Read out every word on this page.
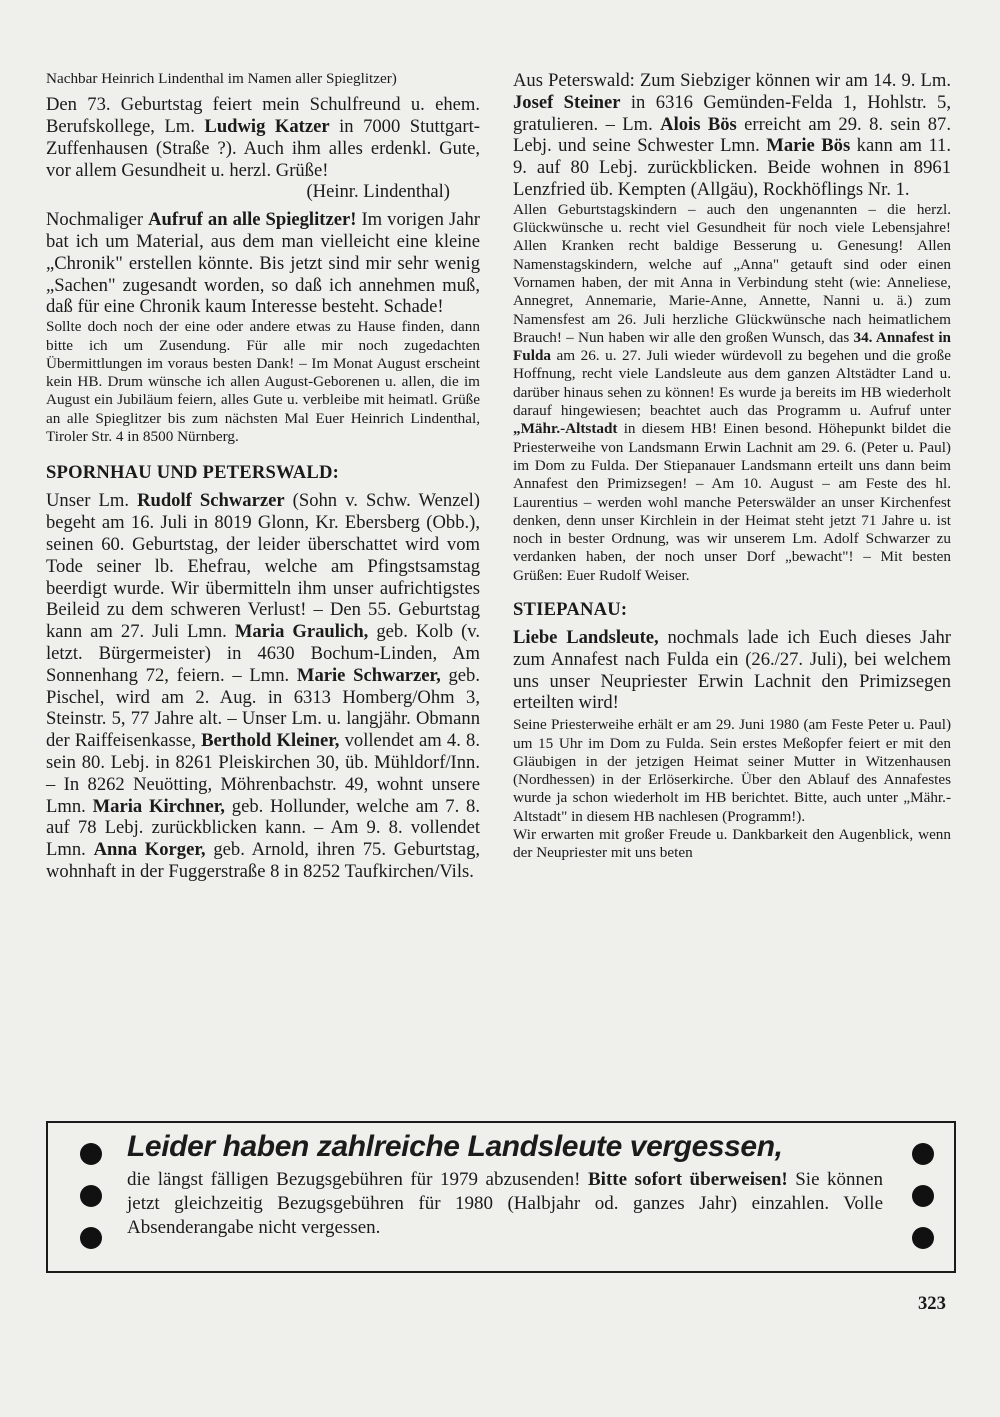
Nachbar Heinrich Lindenthal im Namen aller Spieglitzer)

Den 73. Geburtstag feiert mein Schulfreund u. ehem. Berufskollege, Lm. Ludwig Katzer in 7000 Stuttgart-Zuffenhausen (Straße ?). Auch ihm alles erdenkl. Gute, vor allem Gesundheit u. herzl. Grüße!

(Heinr. Lindenthal)

Nochmaliger Aufruf an alle Spieglitzer! Im vorigen Jahr bat ich um Material, aus dem man vielleicht eine kleine „Chronik" erstellen könnte. Bis jetzt sind mir sehr wenig „Sachen" zugesandt worden, so daß ich annehmen muß, daß für eine Chronik kaum Interesse besteht. Schade!

Sollte doch noch der eine oder andere etwas zu Hause finden, dann bitte ich um Zusendung. Für alle mir noch zugedachten Übermittlungen im voraus besten Dank! – Im Monat August erscheint kein HB. Drum wünsche ich allen August-Geborenen u. allen, die im August ein Jubiläum feiern, alles Gute u. verbleibe mit heimatl. Grüße an alle Spieglitzer bis zum nächsten Mal Euer Heinrich Lindenthal, Tiroler Str. 4 in 8500 Nürnberg.

SPORNHAU UND PETERSWALD:

Unser Lm. Rudolf Schwarzer (Sohn v. Schw. Wenzel) begeht am 16. Juli in 8019 Glonn, Kr. Ebersberg (Obb.), seinen 60. Geburtstag, der leider überschattet wird vom Tode seiner lb. Ehefrau, welche am Pfingstsamstag beerdigt wurde. Wir übermitteln ihm unser aufrichtigstes Beileid zu dem schweren Verlust! – Den 55. Geburtstag kann am 27. Juli Lmn. Maria Graulich, geb. Kolb (v. letzt. Bürgermeister) in 4630 Bochum-Linden, Am Sonnenhang 72, feiern. – Lmn. Marie Schwarzer, geb. Pischel, wird am 2. Aug. in 6313 Homberg/Ohm 3, Steinstr. 5, 77 Jahre alt. – Unser Lm. u. langjähr. Obmann der Raiffeisenkasse, Berthold Kleiner, vollendet am 4. 8. sein 80. Lebj. in 8261 Pleiskirchen 30, üb. Mühldorf/Inn. – In 8262 Neuötting, Möhrenbachstr. 49, wohnt unsere Lmn. Maria Kirchner, geb. Hollunder, welche am 7. 8. auf 78 Lebj. zurückblicken kann. – Am 9. 8. vollendet Lmn. Anna Korger, geb. Arnold, ihren 75. Geburtstag, wohnhaft in der Fuggerstraße 8 in 8252 Taufkirchen/Vils.

Aus Peterswald: Zum Siebziger können wir am 14. 9. Lm. Josef Steiner in 6316 Gemünden-Felda 1, Hohlstr. 5, gratulieren. – Lm. Alois Bös erreicht am 29. 8. sein 87. Lebj. und seine Schwester Lmn. Marie Bös kann am 11. 9. auf 80 Lebj. zurückblicken. Beide wohnen in 8961 Lenzfried üb. Kempten (Allgäu), Rockhöflings Nr. 1.

Allen Geburtstagskindern – auch den ungenannten – die herzl. Glückwünsche u. recht viel Gesundheit für noch viele Lebensjahre! Allen Kranken recht baldige Besserung u. Genesung! Allen Namenstagskindern, welche auf „Anna" getauft sind oder einen Vornamen haben, der mit Anna in Verbindung steht (wie: Anneliese, Annegret, Annemarie, Marie-Anne, Annette, Nanni u. ä.) zum Namensfest am 26. Juli herzliche Glückwünsche nach heimatlichem Brauch! – Nun haben wir alle den großen Wunsch, das 34. Annafest in Fulda am 26. u. 27. Juli wieder würdevoll zu begehen und die große Hoffnung, recht viele Landsleute aus dem ganzen Altstädter Land u. darüber hinaus sehen zu können! Es wurde ja bereits im HB wiederholt darauf hingewiesen; beachtet auch das Programm u. Aufruf unter „Mähr.-Altstadt in diesem HB! Einen besond. Höhepunkt bildet die Priesterweihe von Landsmann Erwin Lachnit am 29. 6. (Peter u. Paul) im Dom zu Fulda. Der Stiepanauer Landsmann erteilt uns dann beim Annafest den Primizsegen! – Am 10. August – am Feste des hl. Laurentius – werden wohl manche Peterswälder an unser Kirchenfest denken, denn unser Kirchlein in der Heimat steht jetzt 71 Jahre u. ist noch in bester Ordnung, was wir unserem Lm. Adolf Schwarzer zu verdanken haben, der noch unser Dorf „bewacht"! – Mit besten Grüßen: Euer Rudolf Weiser.

STIEPANAU:

Liebe Landsleute, nochmals lade ich Euch dieses Jahr zum Annafest nach Fulda ein (26./27. Juli), bei welchem uns unser Neupriester Erwin Lachnit den Primizsegen erteilten wird!

Seine Priesterweihe erhält er am 29. Juni 1980 (am Feste Peter u. Paul) um 15 Uhr im Dom zu Fulda. Sein erstes Meßopfer feiert er mit den Gläubigen in der jetzigen Heimat seiner Mutter in Witzenhausen (Nordhessen) in der Erlöserkirche. Über den Ablauf des Annafestes wurde ja schon wiederholt im HB berichtet. Bitte, auch unter „Mähr.-Altstadt" in diesem HB nachlesen (Programm!).

Wir erwarten mit großer Freude u. Dankbarkeit den Augenblick, wenn der Neupriester mit uns beten

Leider haben zahlreiche Landsleute vergessen,

die längst fälligen Bezugsgebühren für 1979 abzusenden! Bitte sofort überweisen! Sie können jetzt gleichzeitig Bezugsgebühren für 1980 (Halbjahr od. ganzes Jahr) einzahlen. Volle Absenderangabe nicht vergessen.

323
